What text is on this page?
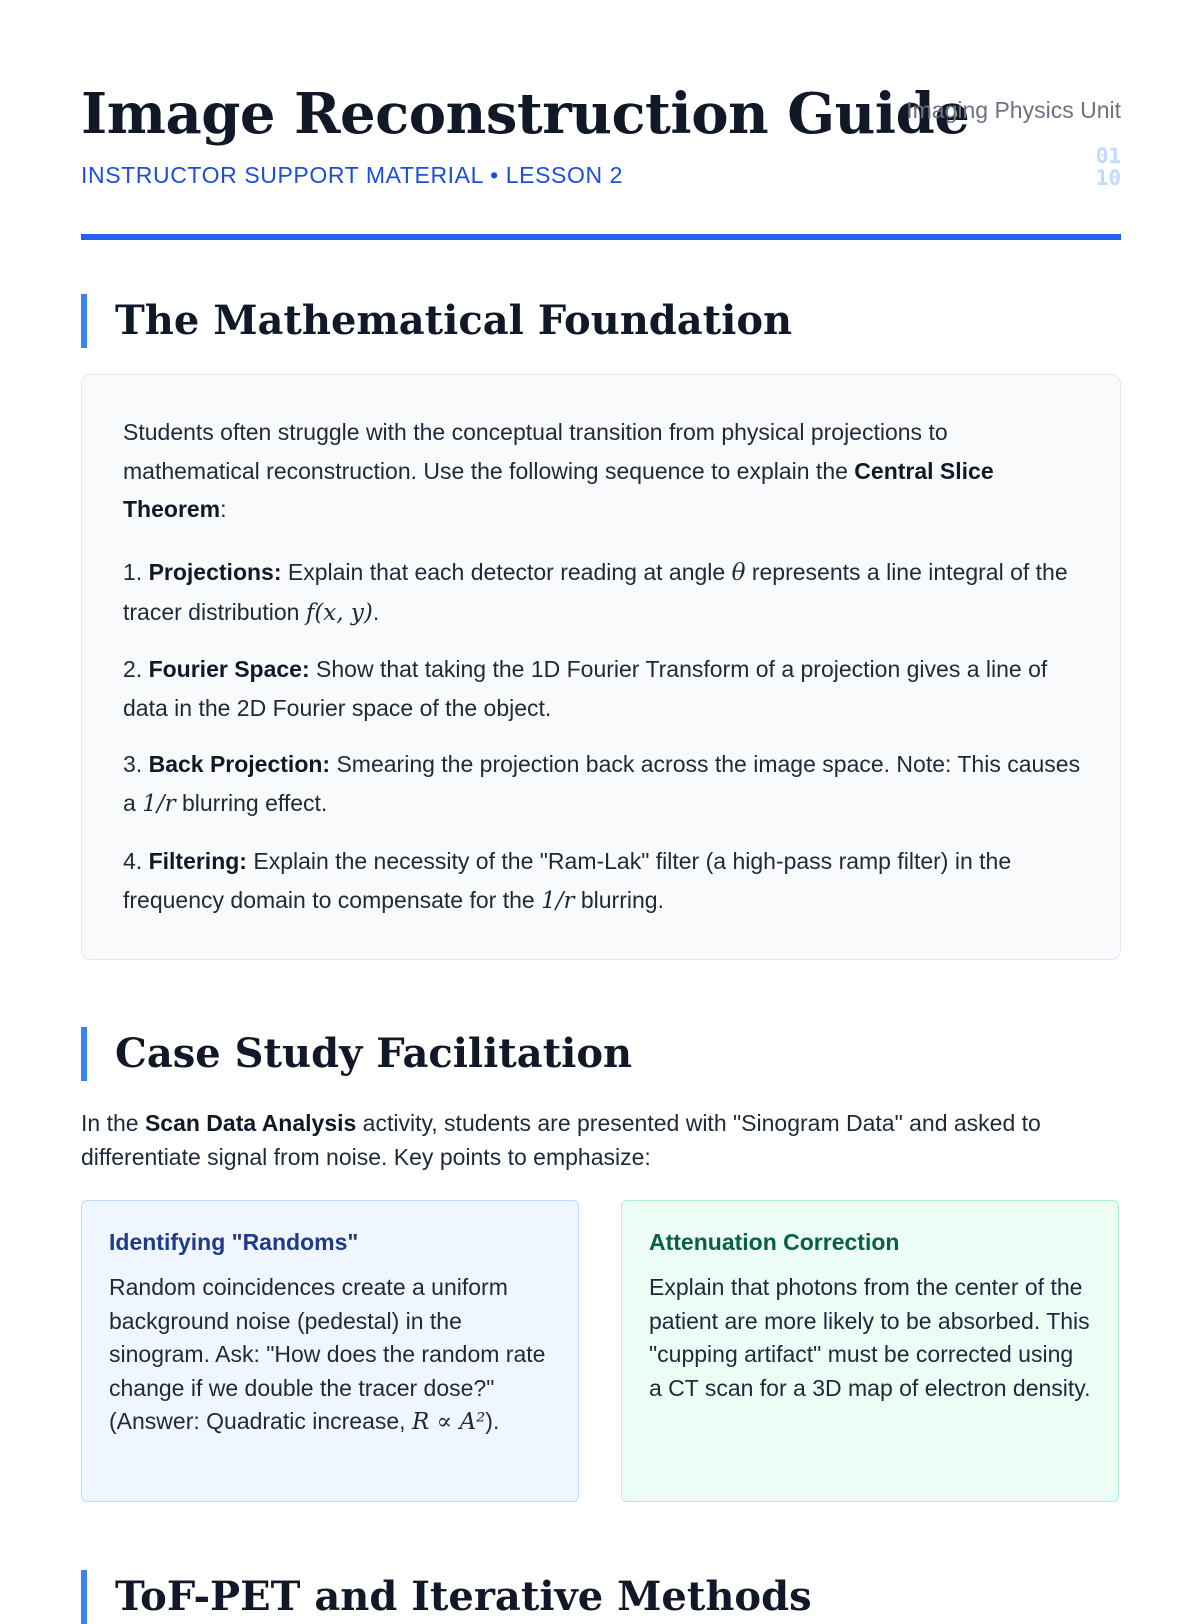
Image Reconstruction Guide
INSTRUCTOR SUPPORT MATERIAL • LESSON 2
Imaging Physics Unit
01
10
The Mathematical Foundation

Students often struggle with the conceptual transition from physical projections to mathematical reconstruction. Use the following sequence to explain the Central Slice Theorem:

1. Projections: Explain that each detector reading at angle θ represents a line integral of the tracer distribution f(x, y).

2. Fourier Space: Show that taking the 1D Fourier Transform of a projection gives a line of data in the 2D Fourier space of the object.

3. Back Projection: Smearing the projection back across the image space. Note: This causes a 1/r blurring effect.

4. Filtering: Explain the necessity of the "Ram-Lak" filter (a high-pass ramp filter) in the frequency domain to compensate for the 1/r blurring.

Case Study Facilitation

In the Scan Data Analysis activity, students are presented with "Sinogram Data" and asked to differentiate signal from noise. Key points to emphasize:

Identifying "Randoms"

Random coincidences create a uniform background noise (pedestal) in the sinogram. Ask: "How does the random rate change if we double the tracer dose?" (Answer: Quadratic increase, R ∝ A²).

Attenuation Correction

Explain that photons from the center of the patient are more likely to be absorbed. This "cupping artifact" must be corrected using a CT scan for a 3D map of electron density.

ToF-PET and Iterative Methods
